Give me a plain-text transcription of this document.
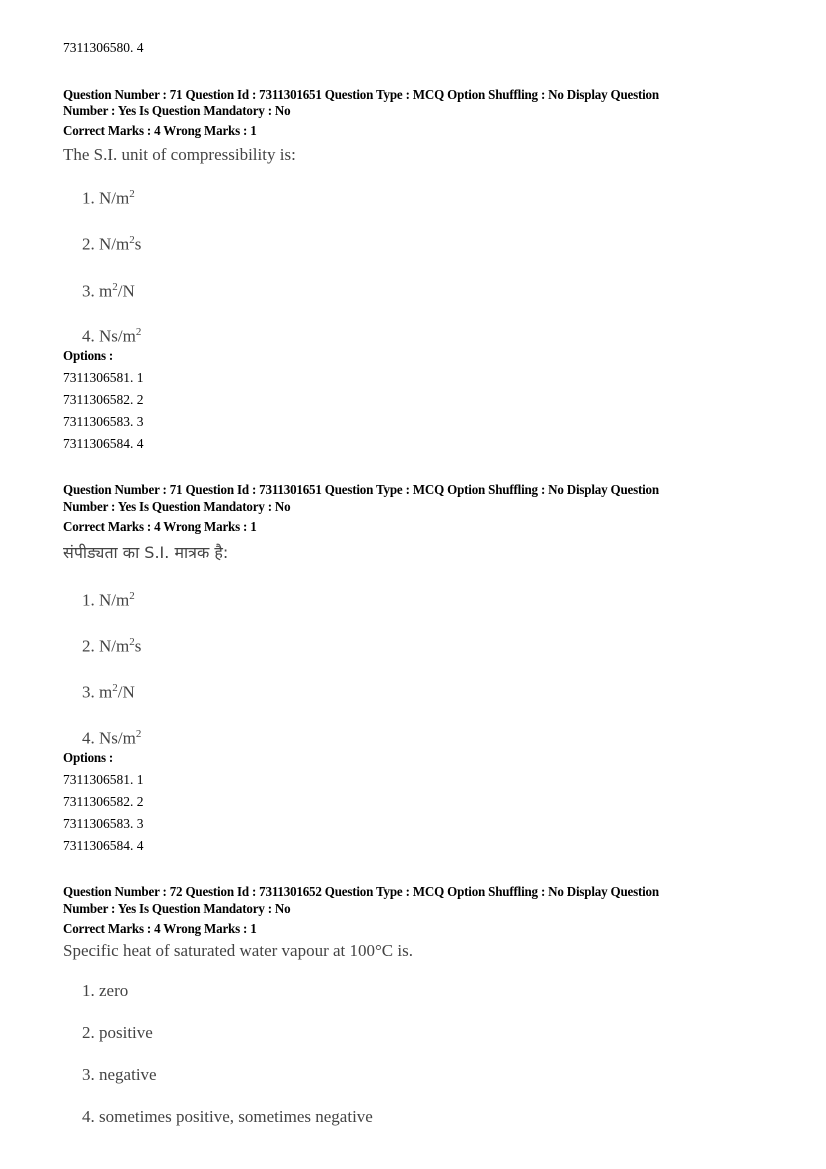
7311306580. 4
Question Number : 71 Question Id : 7311301651 Question Type : MCQ Option Shuffling : No Display Question
Number : Yes Is Question Mandatory : No
Correct Marks : 4 Wrong Marks : 1
The S.I. unit of compressibility is:
1. $N/m^2$
2. $N/m^2s$
3. $m^2/N$
4. $Ns/m^2$
Options :
7311306581. 1
7311306582. 2
7311306583. 3
7311306584. 4
Question Number : 71 Question Id : 7311301651 Question Type : MCQ Option Shuffling : No Display Question
Number : Yes Is Question Mandatory : No
Correct Marks : 4 Wrong Marks : 1
संपीड्यता का S.I. मात्रक है:
1. $N/m^2$
2. $N/m^2s$
3. $m^2/N$
4. $Ns/m^2$
Options :
7311306581. 1
7311306582. 2
7311306583. 3
7311306584. 4
Question Number : 72 Question Id : 7311301652 Question Type : MCQ Option Shuffling : No Display Question
Number : Yes Is Question Mandatory : No
Correct Marks : 4 Wrong Marks : 1
Specific heat of saturated water vapour at 100°C is.
1. zero
2. positive
3. negative
4. sometimes positive, sometimes negative
